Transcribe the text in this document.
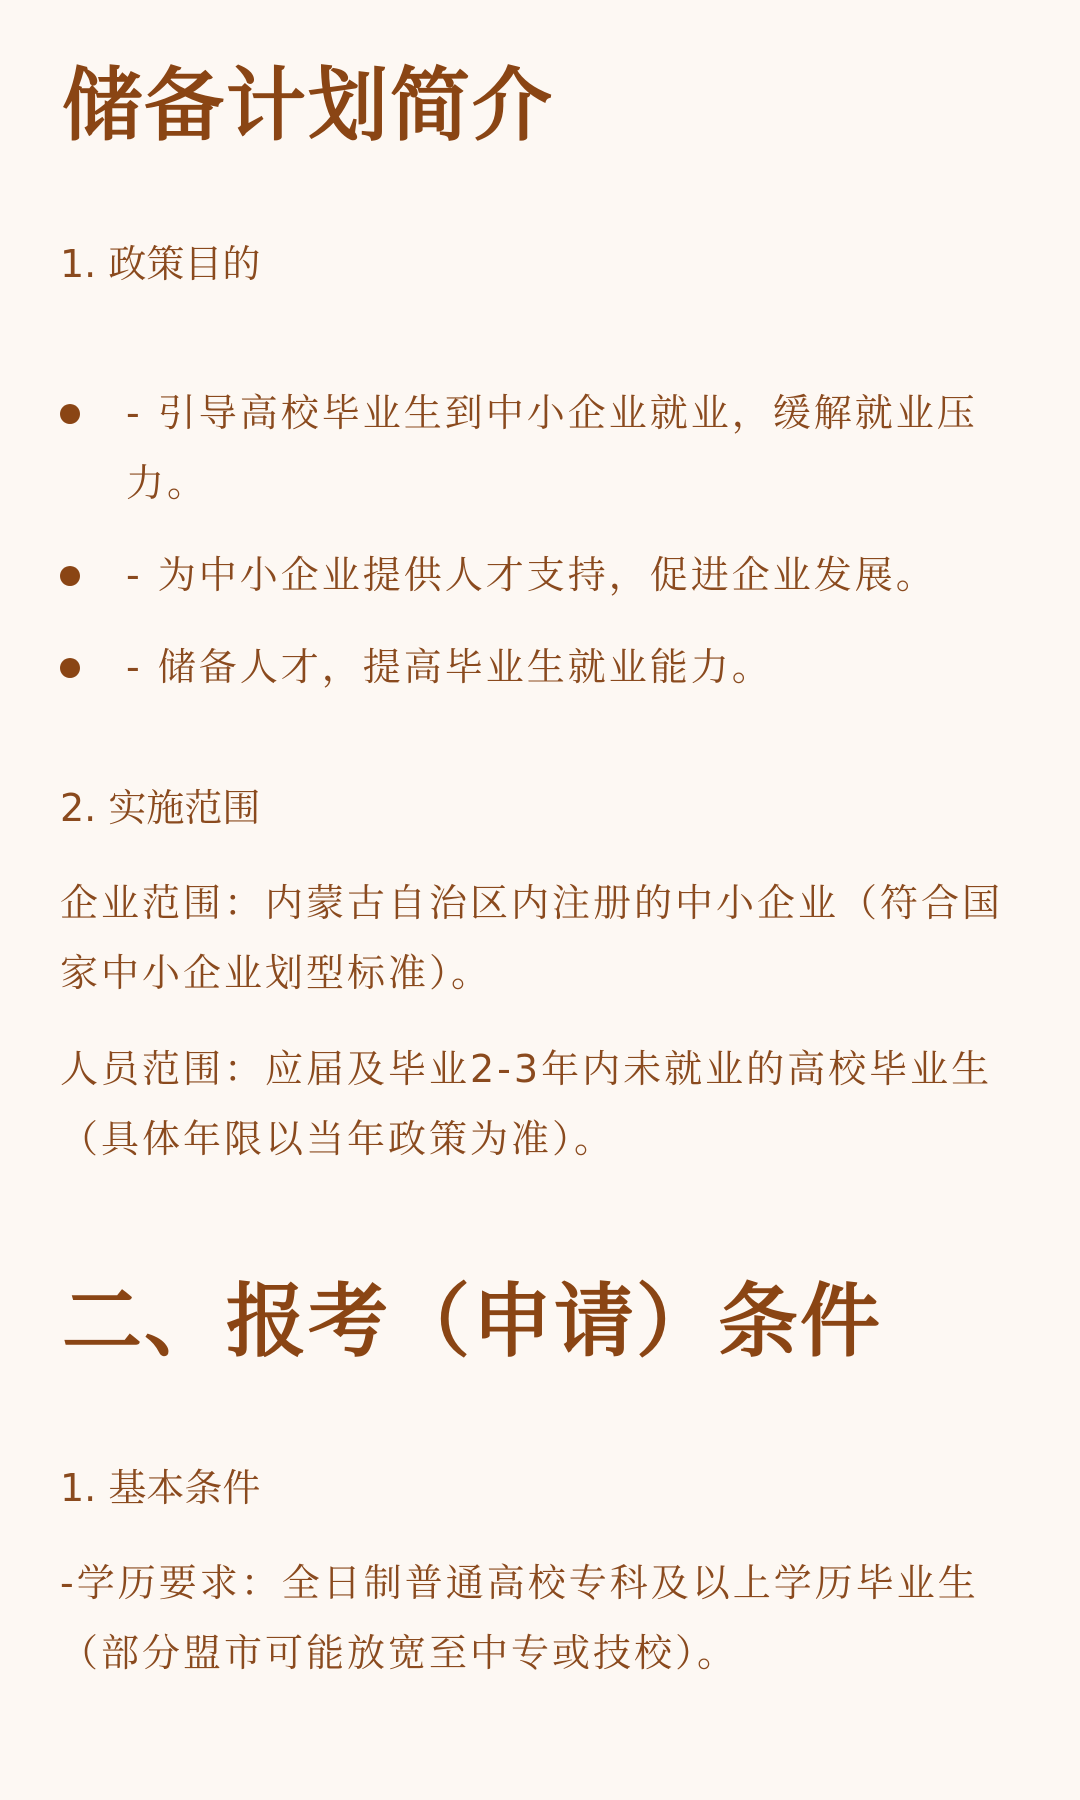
储备计划简介
1. 政策目的
- 引导高校毕业生到中小企业就业，缓解就业压力。
- 为中小企业提供人才支持，促进企业发展。
- 储备人才，提高毕业生就业能力。
2. 实施范围

企业范围：内蒙古自治区内注册的中小企业（符合国家中小企业划型标准）。

人员范围：应届及毕业2-3年内未就业的高校毕业生（具体年限以当年政策为准）。

二、报考（申请）条件
1. 基本条件

-学历要求：全日制普通高校专科及以上学历毕业生（部分盟市可能放宽至中专或技校）。
